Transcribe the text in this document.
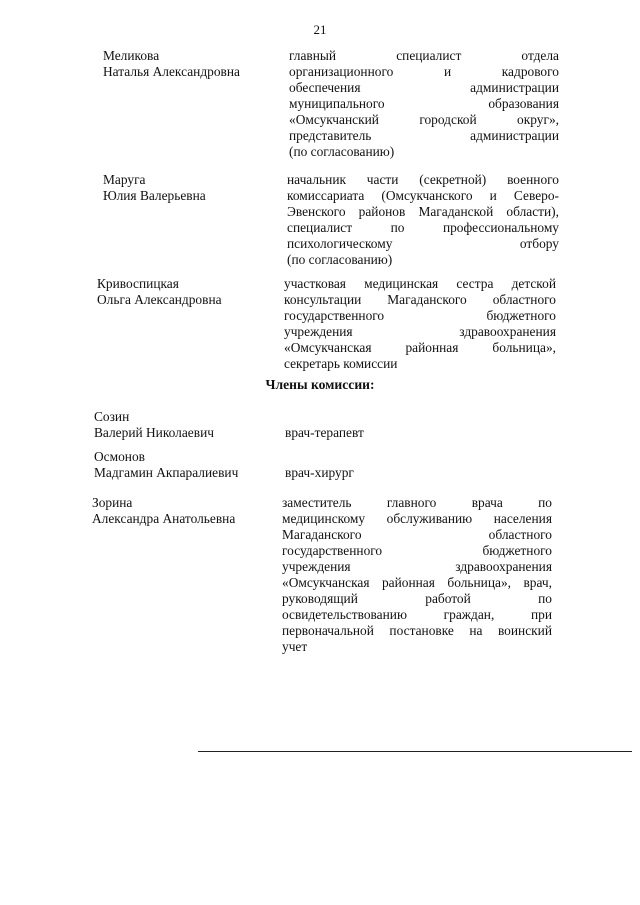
21
Меликова
Наталья Александровна
главный специалист отдела
организационного и кадрового
обеспечения администрации
муниципального образования
«Омсукчанский городской округ»,
представитель администрации
(по согласованию)
Маруга
Юлия Валерьевна
начальник части (секретной) военного
комиссариата (Омсукчанского и Северо-
Эвенского районов Магаданской области),
специалист по профессиональному
психологическому отбору
(по согласованию)
Кривоспицкая
Ольга Александровна
участковая медицинская сестра детской
консультации Магаданского областного
государственного бюджетного
учреждения здравоохранения
«Омсукчанская районная больница»,
секретарь комиссии
Члены комиссии:
Созин
Валерий Николаевич	врач-терапевт
Осмонов
Мадгамин Акпаралиевич	врач-хирург
Зорина
Александра Анатольевна
заместитель главного врача по
медицинскому обслуживанию населения
Магаданского областного
государственного бюджетного
учреждения здравоохранения
«Омсукчанская районная больница», врач,
руководящий работой по
освидетельствованию граждан, при
первоначальной постановке на воинский
учет
